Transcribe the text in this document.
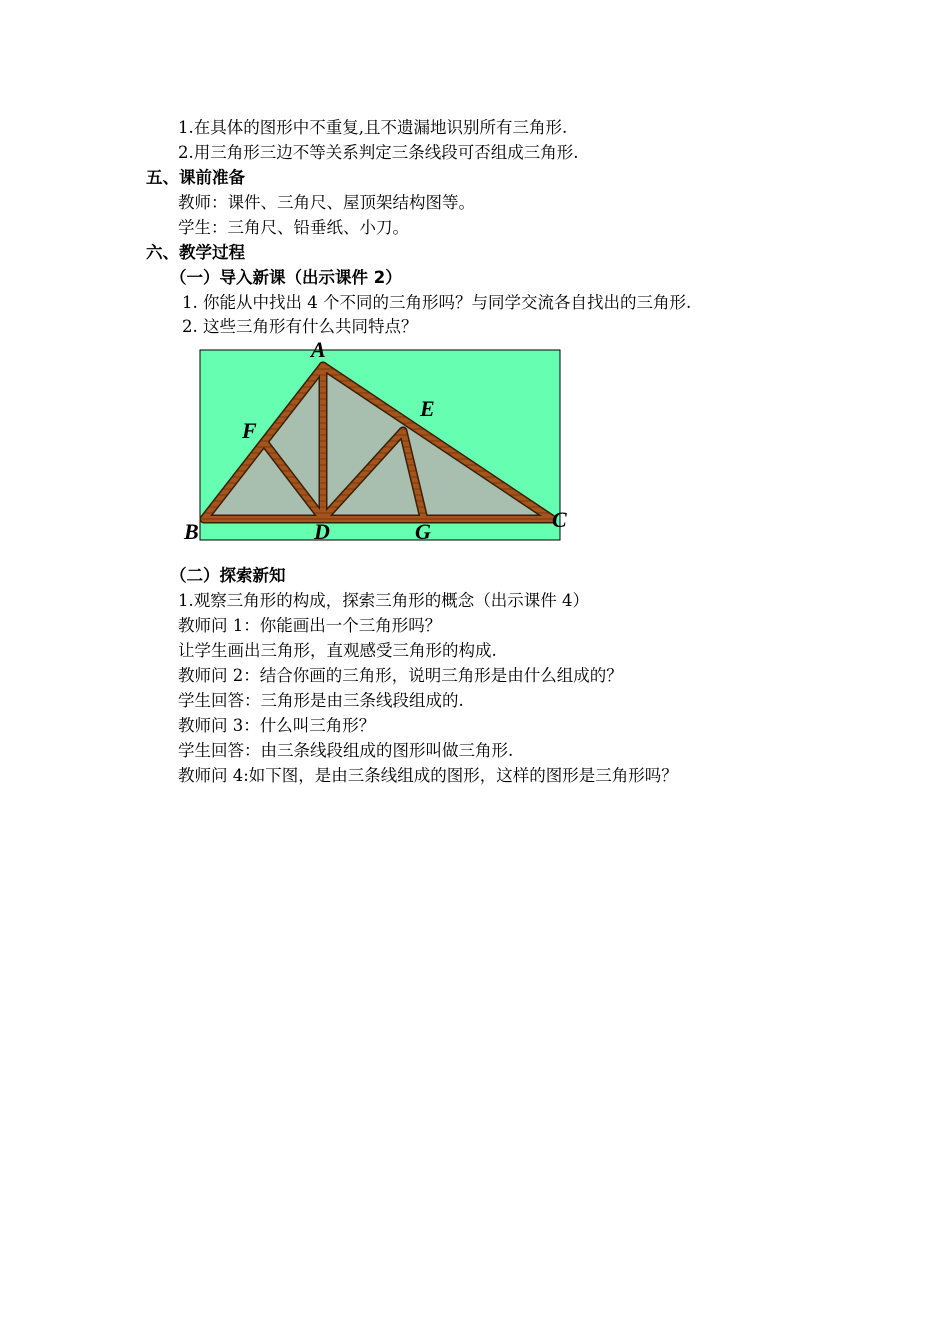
1.在具体的图形中不重复,且不遗漏地识别所有三角形.
2.用三角形三边不等关系判定三条线段可否组成三角形.
五、课前准备
教师：课件、三角尺、屋顶架结构图等。
学生：三角尺、铅垂纸、小刀。
六、教学过程
（一）导入新课（出示课件 2）
1. 你能从中找出 4 个不同的三角形吗？与同学交流各自找出的三角形.
2. 这些三角形有什么共同特点？
A
E
F
B	D	G	C
（二）探索新知
1.观察三角形的构成，探索三角形的概念（出示课件 4）
教师问 1：你能画出一个三角形吗？
让学生画出三角形，直观感受三角形的构成.
教师问 2：结合你画的三角形，说明三角形是由什么组成的？
学生回答：三角形是由三条线段组成的.
教师问 3：什么叫三角形？
学生回答：由三条线段组成的图形叫做三角形.
教师问 4:如下图，是由三条线组成的图形，这样的图形是三角形吗？
